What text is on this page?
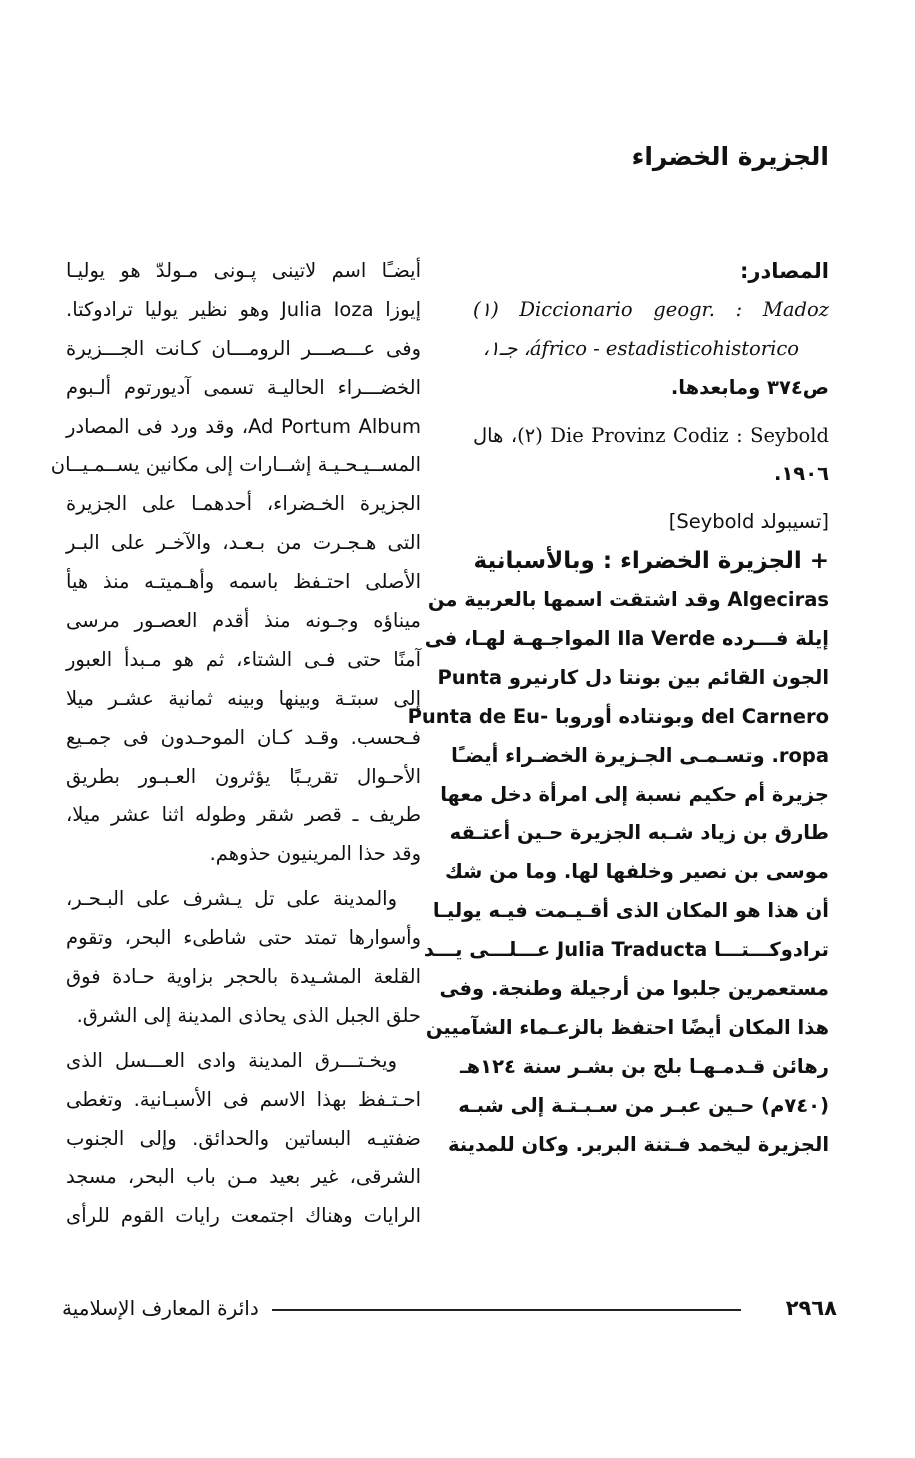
الجزيرة الخضراء
المصادر:
Diccionario geogr. : Madoz (١)
áfrico - estadisticohistorico، جـ١،
ص٣٧٤ ومابعدها.
Die Provinz Codiz : Seybold (٢)، هال
١٩٠٦.
[تسيبولد Seybold]
+ الجزيرة الخضراء : وبالأسبانية
Algeciras وقد اشتقت اسمها بالعربية من
إيلة فـــرده Ila Verde المواجـهـة لهـا، فى
الجون القائم بين بونتا دل كارنيرو Punta
del Carnero وبونتاده أوروبا -Punta de Eu
ropa. وتسـمـى الجـزيرة الخضـراء أيضـًا
جزيرة أم حكيم نسبة إلى امرأة دخل معها
طارق بن زياد شـبه الجزيرة حـين أعتـقه
موسى بن نصير وخلفها لها. وما من شك
أن هذا هو المكان الذى أقـيـمت فيـه يوليـا
ترادوكـــتـــا Julia Traducta عـــلـــى يـــد
مستعمرين جلبوا من أرجيلة وطنجة. وفى
هذا المكان أيضًا احتفظ بالزعـماء الشآميين
رهائن قـدمـهـا بلج بن بشـر سنة ١٢٤هـ
(٧٤٠م) حـين عبـر من سـبـتـة إلى شبـه
الجزيرة ليخمد فـتنة البربر. وكان للمدينة
أيضـًا اسم لاتينى پـونى مـولدّ هو يوليـا
إيوزا Julia Ioza وهو نظير يوليا ترادوكتا.
وفى عـــصـــر الرومـــان كـانت الجـــزيرة
الخضـــراء الحاليـة تسمى آديورتوم ألـبوم
Ad Portum Album، وقد ورد فى المصادر
المســيـحـيـة إشــارات إلى مكانين يســمـيــان
الجزيرة الخـضراء، أحدهمـا على الجزيرة
التى هـجـرت من بـعـد، والآخـر على البـر
الأصلى احتـفظ باسمه وأهـميتـه منذ هيأ
ميناؤه وجـونه منذ أقدم العصـور مرسى
آمنًا حتى فـى الشتاء، ثم هو مـبدأ العبور
إلى سبتـة وبينها وبينه ثمانية عشـر ميلا
فـحسب. وقـد كـان الموحـدون فى جمـيع
الأحـوال تقريـبًا يؤثرون العـبـور بطريق
طريف ـ قصر شقر وطوله اثنا عشر ميلا،
وقد حذا المرينيون حذوهم.
والمدينة على تل يـشرف على البـحـر،
وأسوارها تمتد حتى شاطىء البحر، وتقوم
القلعة المشـيدة بالحجر بزاوية حـادة فوق
حلق الجبل الذى يحاذى المدينة إلى الشرق.
ويخـتـــرق المدينة وادى العـــسل الذى
احـتـفظ بهذا الاسم فى الأسبـانية. وتغطى
ضفتيـه البساتين والحدائق. وإلى الجنوب
الشرقى، غير بعيد مـن باب البحر، مسجد
الرايات وهناك اجتمعت رايات القوم للرأى
دائرة المعارف الإسلامية	٢٩٦٨
